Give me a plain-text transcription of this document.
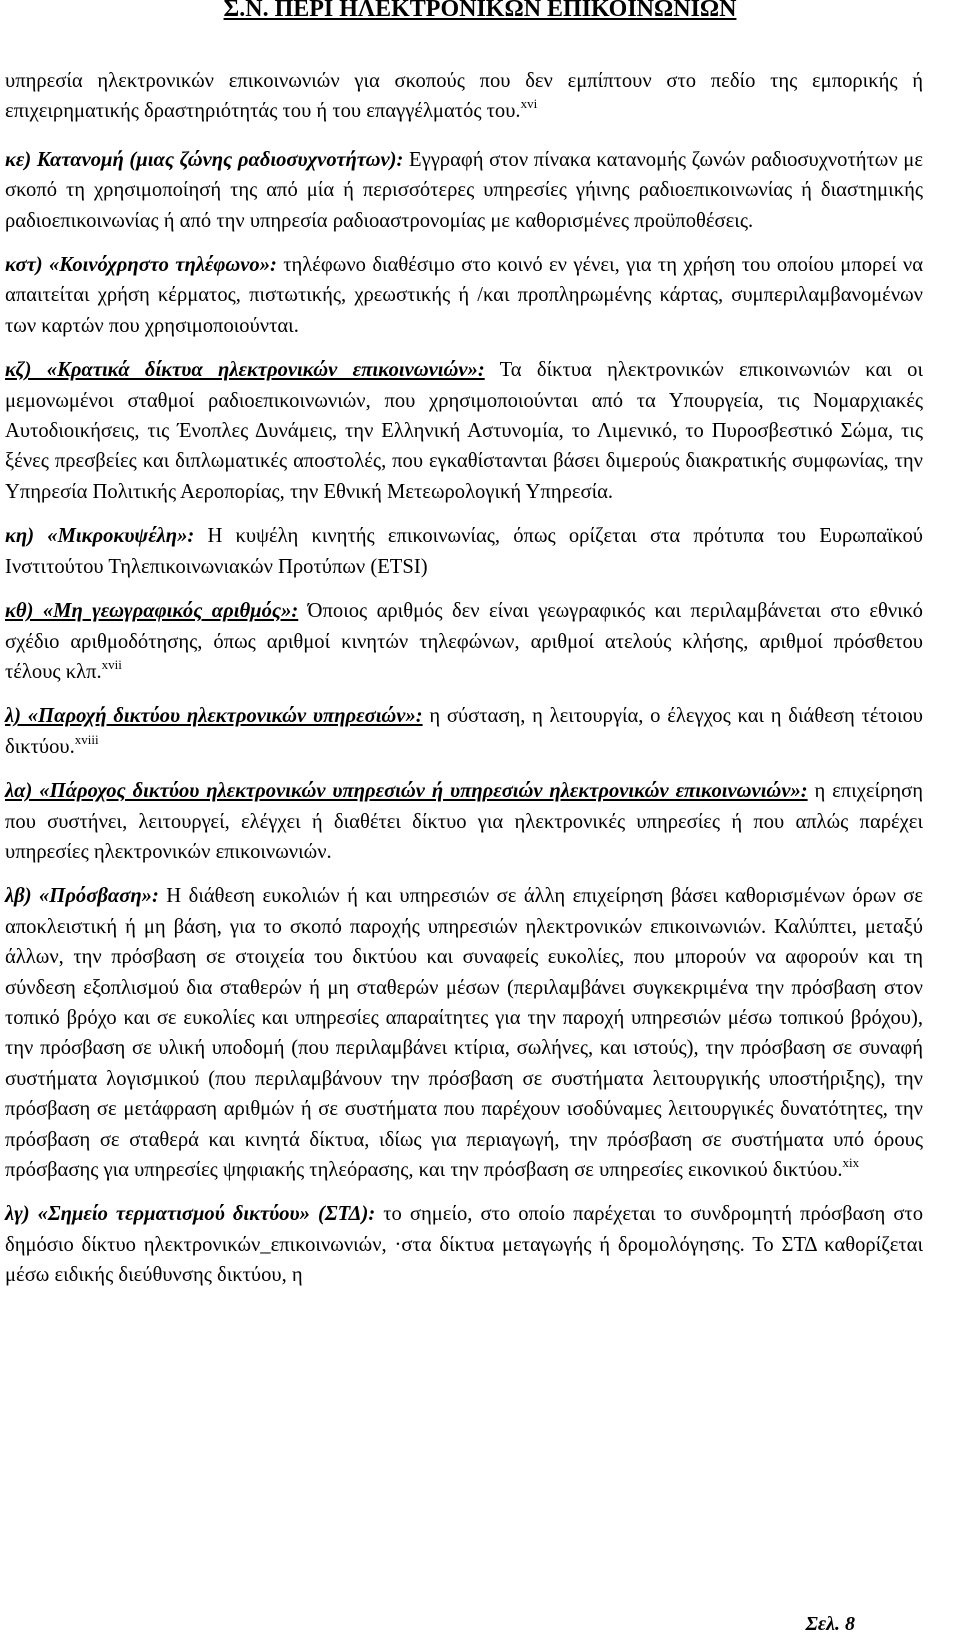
Σ.Ν. ΠΕΡΙ ΗΛΕΚΤΡΟΝΙΚΩΝ ΕΠΙΚΟΙΝΩΝΙΩΝ

υπηρεσία ηλεκτρονικών επικοινωνιών για σκοπούς που δεν εμπίπτουν στο πεδίο της εμπορικής ή επιχειρηματικής δραστηριότητάς του ή του επαγγέλματός του.$^{xvi}$

κε) Κατανομή (μιας ζώνης ραδιοσυχνοτήτων): Εγγραφή στον πίνακα κατανομής ζωνών ραδιοσυχνοτήτων με σκοπό τη χρησιμοποίησή της από μία ή περισσότερες υπηρεσίες γήινης ραδιοεπικοινωνίας ή διαστημικής ραδιοεπικοινωνίας ή από την υπηρεσία ραδιοαστρονομίας με καθορισμένες προϋποθέσεις.

κστ) «Κοινόχρηστο τηλέφωνο»: τηλέφωνο διαθέσιμο στο κοινό εν γένει, για τη χρήση του οποίου μπορεί να απαιτείται χρήση κέρματος, πιστωτικής, χρεωστικής ή /και προπληρωμένης κάρτας, συμπεριλαμβανομένων των καρτών που χρησιμοποιούνται.

κζ) «Κρατικά δίκτυα ηλεκτρονικών επικοινωνιών»: Τα δίκτυα ηλεκτρονικών επικοινωνιών και οι μεμονωμένοι σταθμοί ραδιοεπικοινωνιών, που χρησιμοποιούνται από τα Υπουργεία, τις Νομαρχιακές Αυτοδιοικήσεις, τις Ένοπλες Δυνάμεις, την Ελληνική Αστυνομία, το Λιμενικό, το Πυροσβεστικό Σώμα, τις ξένες πρεσβείες και διπλωματικές αποστολές, που εγκαθίστανται βάσει διμερούς διακρατικής συμφωνίας, την Υπηρεσία Πολιτικής Αεροπορίας, την Εθνική Μετεωρολογική Υπηρεσία.

κη) «Μικροκυψέλη»: Η κυψέλη κινητής επικοινωνίας, όπως ορίζεται στα πρότυπα του Ευρωπαϊκού Ινστιτούτου Τηλεπικοινωνιακών Προτύπων (ETSI)

κθ) «Μη γεωγραφικός αριθμός»: Όποιος αριθμός δεν είναι γεωγραφικός και περιλαμβάνεται στο εθνικό σχέδιο αριθμοδότησης, όπως αριθμοί κινητών τηλεφώνων, αριθμοί ατελούς κλήσης, αριθμοί πρόσθετου τέλους κλπ.$^{xvii}$

λ) «Παροχή δικτύου ηλεκτρονικών υπηρεσιών»: η σύσταση, η λειτουργία, ο έλεγχος και η διάθεση τέτοιου δικτύου.$^{xviii}$

λα) «Πάροχος δικτύου ηλεκτρονικών υπηρεσιών ή υπηρεσιών ηλεκτρονικών επικοινωνιών»: η επιχείρηση που συστήνει, λειτουργεί, ελέγχει ή διαθέτει δίκτυο για ηλεκτρονικές υπηρεσίες ή που απλώς παρέχει υπηρεσίες ηλεκτρονικών επικοινωνιών.

λβ) «Πρόσβαση»: Η διάθεση ευκολιών ή και υπηρεσιών σε άλλη επιχείρηση βάσει καθορισμένων όρων σε αποκλειστική ή μη βάση, για το σκοπό παροχής υπηρεσιών ηλεκτρονικών επικοινωνιών. Καλύπτει, μεταξύ άλλων, την πρόσβαση σε στοιχεία του δικτύου και συναφείς ευκολίες, που μπορούν να αφορούν και τη σύνδεση εξοπλισμού δια σταθερών ή μη σταθερών μέσων (περιλαμβάνει συγκεκριμένα την πρόσβαση στον τοπικό βρόχο και σε ευκολίες και υπηρεσίες απαραίτητες για την παροχή υπηρεσιών μέσω τοπικού βρόχου), την πρόσβαση σε υλική υποδομή (που περιλαμβάνει κτίρια, σωλήνες, και ιστούς), την πρόσβαση σε συναφή συστήματα λογισμικού (που περιλαμβάνουν την πρόσβαση σε συστήματα λειτουργικής υποστήριξης), την πρόσβαση σε μετάφραση αριθμών ή σε συστήματα που παρέχουν ισοδύναμες λειτουργικές δυνατότητες, την πρόσβαση σε σταθερά και κινητά δίκτυα, ιδίως για περιαγωγή, την πρόσβαση σε συστήματα υπό όρους πρόσβασης για υπηρεσίες ψηφιακής τηλεόρασης, και την πρόσβαση σε υπηρεσίες εικονικού δικτύου.$^{xix}$

λγ) «Σημείο τερματισμού δικτύου» (ΣΤΔ): το σημείο, στο οποίο παρέχεται το συνδρομητή πρόσβαση στο δημόσιο δίκτυο ηλεκτρονικών_επικοινωνιών, ·στα δίκτυα μεταγωγής ή δρομολόγησης. Το ΣΤΔ καθορίζεται μέσω ειδικής διεύθυνσης δικτύου, η

Σελ. 8
